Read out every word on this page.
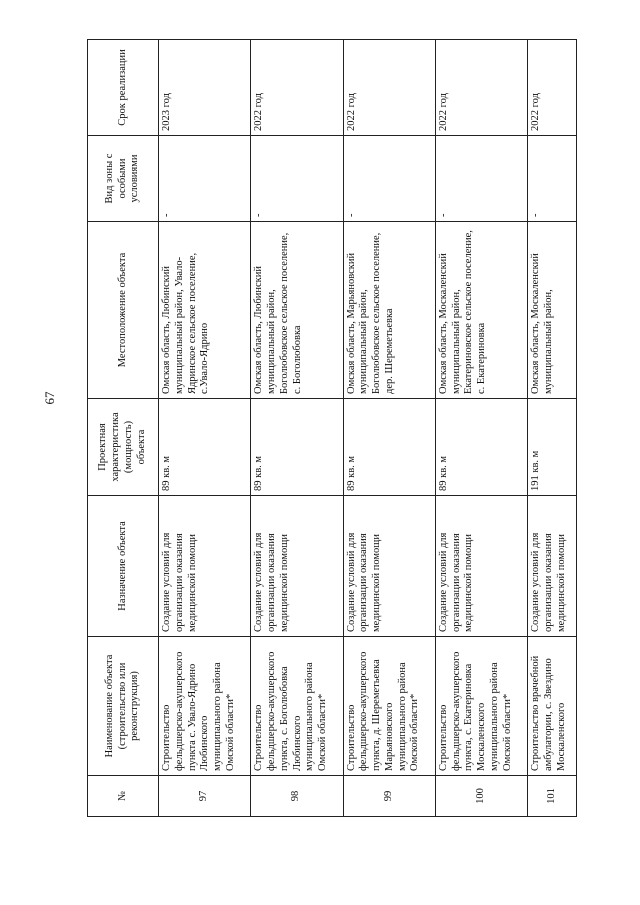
67
№	Наименование объекта (строительство или реконструкция)	Назначение объекта	Проектная характеристика (мощность) объекта	Местоположение объекта	Вид зоны с особыми условиями	Срок реализации
97	Строительство фельдшерско-акушерского пункта с. Увало-Ядрино Любинского муниципального района Омской области*	Создание условий для организации оказания медицинской помощи	89 кв. м	Омская область, Любинский муниципальный район, Увало-Ядринское сельское поселение, с.Увало-Ядрино	-	2023 год
98	Строительство фельдшерско-акушерского пункта, с. Боголюбовка Любинского муниципального района Омской области*	Создание условий для организации оказания медицинской помощи	89 кв. м	Омская область, Любинский муниципальный район, Боголюбовское сельское поселение, с. Боголюбовка	-	2022 год
99	Строительство фельдшерско-акушерского пункта, д. Шереметьевка Марьяновского муниципального района Омской области*	Создание условий для организации оказания медицинской помощи	89 кв. м	Омская область, Марьяновский муниципальный район, Боголюбовское сельское поселение, дер. Шереметьевка	-	2022 год
100	Строительство фельдшерско-акушерского пункта, с. Екатериновка Москаленского муниципального района Омской области*	Создание условий для организации оказания медицинской помощи	89 кв. м	Омская область, Москаленский муниципальный район, Екатериновское сельское поселение, с. Екатериновка	-	2022 год
101	Строительство врачебной амбулатории, с. Звездино Москаленского	Создание условий для организации оказания медицинской помощи	191 кв. м	Омская область, Москаленский муниципальный район,	-	2022 год
